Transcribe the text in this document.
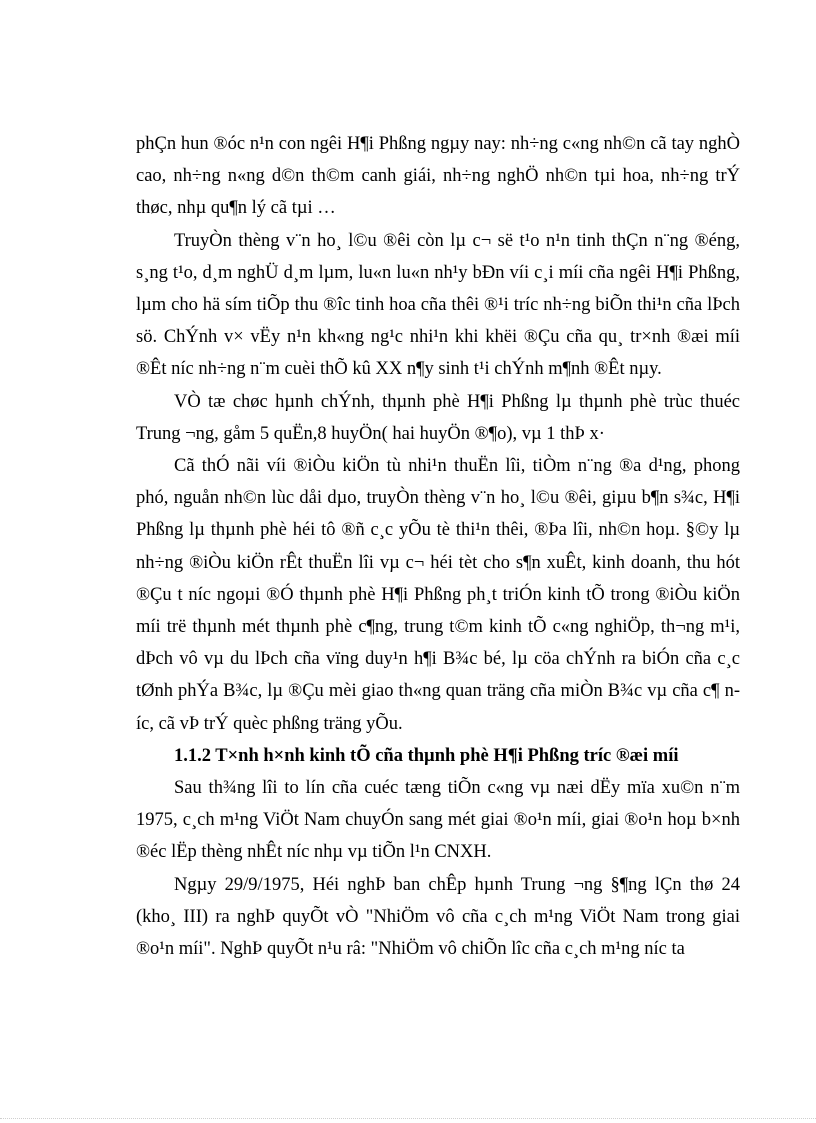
phÇn hun ®óc n¹n con ngêi H¶i Phßng ngµy nay: nh÷ng c«ng nh©n cã tay nghÒ cao, nh÷ng n«ng d©n th©m canh giái, nh÷ng nghÖ nh©n tµi hoa, nh÷ng trÝ thøc, nhµ qu¶n lý cã tµi …

TruyÒn thèng v¨n ho¸ l©u ®êi còn lµ c¬ së t¹o n¹n tinh thÇn n¨ng ®éng, s¸ng t¹o, d¸m nghÜ d¸m lµm, lu«n lu«n nh¹y bÐn víi c¸i míi cña ngêi H¶i Phßng, lµm cho hä sím tiÕp thu ®îc tinh hoa cña thêi ®¹i tríc nh÷ng biÕn thi¹n cña lÞch sö. ChÝnh v× vËy n¹n kh«ng ng¹c nhi¹n khi khëi ®Çu cña qu¸ tr×nh ®æi míi ®Êt níc nh÷ng n¨m cuèi thÕ kû XX n¶y sinh t¹i chÝnh m¶nh ®Êt nµy.

VÒ tæ chøc hµnh chÝnh, thµnh phè H¶i Phßng lµ thµnh phè trùc thuéc Trung ¬ng, gåm 5 quËn,8 huyÖn( hai huyÖn ®¶o), vµ 1 thÞ x·

Cã thÓ nãi víi ®iÒu kiÖn tù nhi¹n thuËn lîi, tiÒm n¨ng ®a d¹ng, phong phó, nguån nh©n lùc dåi dµo, truyÒn thèng v¨n ho¸ l©u ®êi, giµu b¶n s¾c, H¶i Phßng lµ thµnh phè héi tô ®ñ c¸c yÕu tè thi¹n thêi, ®Þa lîi, nh©n hoµ. §©y lµ nh÷ng ®iÒu kiÖn rÊt thuËn lîi vµ c¬ héi tèt cho s¶n xuÊt, kinh doanh, thu hót ®Çu t níc ngoµi ®Ó thµnh phè H¶i Phßng ph¸t triÓn kinh tÕ trong ®iÒu kiÖn míi trë thµnh mét thµnh phè c¶ng, trung t©m kinh tÕ c«ng nghiÖp, th¬ng m¹i, dÞch vô vµ du lÞch cña vïng duy¹n h¶i B¾c bé, lµ cöa chÝnh ra biÓn cña c¸c tØnh phÝa B¾c, lµ ®Çu mèi giao th«ng quan träng cña miÒn B¾c vµ cña c¶ níc, cã vÞ trÝ quèc phßng träng yÕu.

1.1.2 T×nh h×nh kinh tÕ cña thµnh phè H¶i Phßng tríc ®æi míi

Sau th¾ng lîi to lín cña cuéc tæng tiÕn c«ng vµ næi dËy mïa xu©n n¨m 1975, c¸ch m¹ng ViÖt Nam chuyÓn sang mét giai ®o¹n míi, giai ®o¹n hoµ b×nh ®éc lËp thèng nhÊt níc nhµ vµ tiÕn l¹n CNXH.

Ngµy 29/9/1975, Héi nghÞ ban chÊp hµnh Trung ¬ng §¶ng lÇn thø 24 (kho¸ III) ra nghÞ quyÕt vÒ "NhiÖm vô cña c¸ch m¹ng ViÖt Nam trong giai ®o¹n míi". NghÞ quyÕt n¹u râ: "NhiÖm vô chiÕn lîc cña c¸ch m¹ng níc ta
